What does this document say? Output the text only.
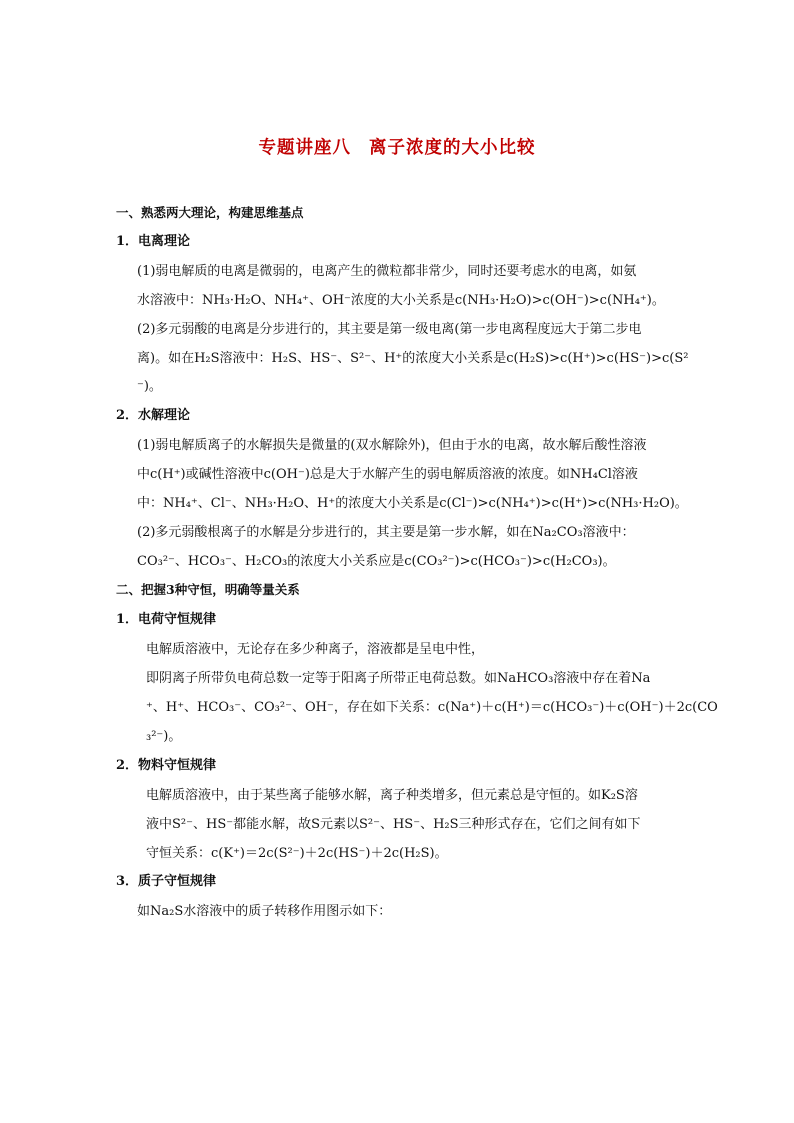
专题讲座八 离子浓度的大小比较
一、熟悉两大理论，构建思维基点
1．电离理论
(1)弱电解质的电离是微弱的，电离产生的微粒都非常少，同时还要考虑水的电离，如氨
水溶液中：NH₃·H₂O、NH₄⁺、OH⁻浓度的大小关系是c(NH₃·H₂O)>c(OH⁻)>c(NH₄⁺)。
(2)多元弱酸的电离是分步进行的，其主要是第一级电离(第一步电离程度远大于第二步电
离)。如在H₂S溶液中：H₂S、HS⁻、S²⁻、H⁺的浓度大小关系是c(H₂S)>c(H⁺)>c(HS⁻)>c(S²
⁻)。
2．水解理论
(1)弱电解质离子的水解损失是微量的(双水解除外)，但由于水的电离，故水解后酸性溶液
中c(H⁺)或碱性溶液中c(OH⁻)总是大于水解产生的弱电解质溶液的浓度。如NH₄Cl溶液
中：NH₄⁺、Cl⁻、NH₃·H₂O、H⁺的浓度大小关系是c(Cl⁻)>c(NH₄⁺)>c(H⁺)>c(NH₃·H₂O)。
(2)多元弱酸根离子的水解是分步进行的，其主要是第一步水解，如在Na₂CO₃溶液中：
CO₃²⁻、HCO₃⁻、H₂CO₃的浓度大小关系应是c(CO₃²⁻)>c(HCO₃⁻)>c(H₂CO₃)。
二、把握3种守恒，明确等量关系
1．电荷守恒规律
电解质溶液中，无论存在多少种离子，溶液都是呈电中性，
即阴离子所带负电荷总数一定等于阳离子所带正电荷总数。如NaHCO₃溶液中存在着Na
⁺、H⁺、HCO₃⁻、CO₃²⁻、OH⁻，存在如下关系：c(Na⁺)＋c(H⁺)＝c(HCO₃⁻)＋c(OH⁻)＋2c(CO
₃²⁻)。
2．物料守恒规律
电解质溶液中，由于某些离子能够水解，离子种类增多，但元素总是守恒的。如K₂S溶
液中S²⁻、HS⁻都能水解，故S元素以S²⁻、HS⁻、H₂S三种形式存在，它们之间有如下
守恒关系：c(K⁺)＝2c(S²⁻)＋2c(HS⁻)＋2c(H₂S)。
3．质子守恒规律
如Na₂S水溶液中的质子转移作用图示如下：
